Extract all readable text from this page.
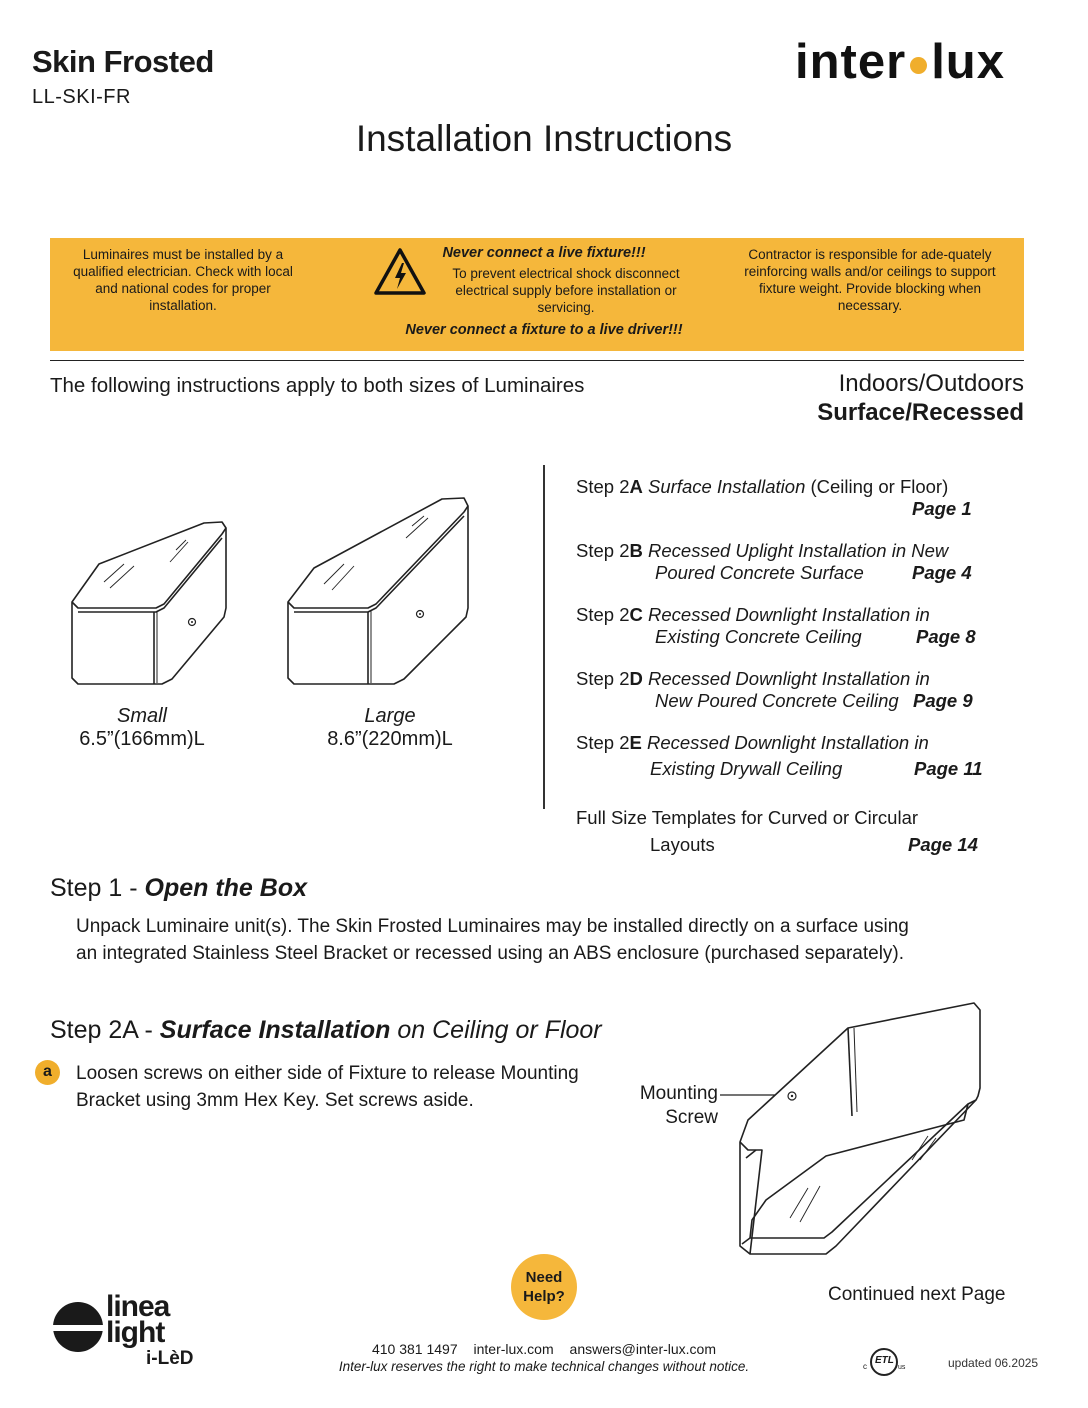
Skin Frosted
LL-SKI-FR
inter lux
Installation Instructions
Luminaires must be installed by a qualified electrician. Check with local and national codes for proper installation.
Never connect a live fixture!!!
To prevent electrical shock disconnect electrical supply before installation or servicing.
Never connect a fixture to a live driver!!!
Contractor is responsible for ade-quately reinforcing walls and/or ceilings to support fixture weight. Provide blocking when necessary.
The following instructions apply to both sizes of Luminaires	Indoors/Outdoors
Surface/Recessed
Small
6.5”(166mm)L
Large
8.6”(220mm)L
Step 2A Surface Installation (Ceiling or Floor)
Page 1
Step 2B Recessed Uplight Installation in New
Poured Concrete Surface	Page 4
Step 2C Recessed Downlight Installation in
Existing Concrete Ceiling	Page 8
Step 2D Recessed Downlight Installation in
New Poured Concrete Ceiling Page 9
Step 2E Recessed Downlight Installation in
Existing Drywall Ceiling	Page 11
Full Size Templates for Curved or Circular
Layouts	Page 14
Step 1 - Open the Box
Unpack Luminaire unit(s). The Skin Frosted Luminaires may be installed directly on a surface using
an integrated Stainless Steel Bracket or recessed using an ABS enclosure (purchased separately).
Step 2A - Surface Installation on Ceiling or Floor
a	Loosen screws on either side of Fixture to release Mounting
Bracket using 3mm Hex Key. Set screws aside.	Mounting
Screw
Need
Help?	Continued next Page
410 381 1497 inter-lux.com answers@inter-lux.com
Inter-lux reserves the right to make technical changes without notice.	updated 06.2025
linea
light
i-LèD	ETL
c	us
